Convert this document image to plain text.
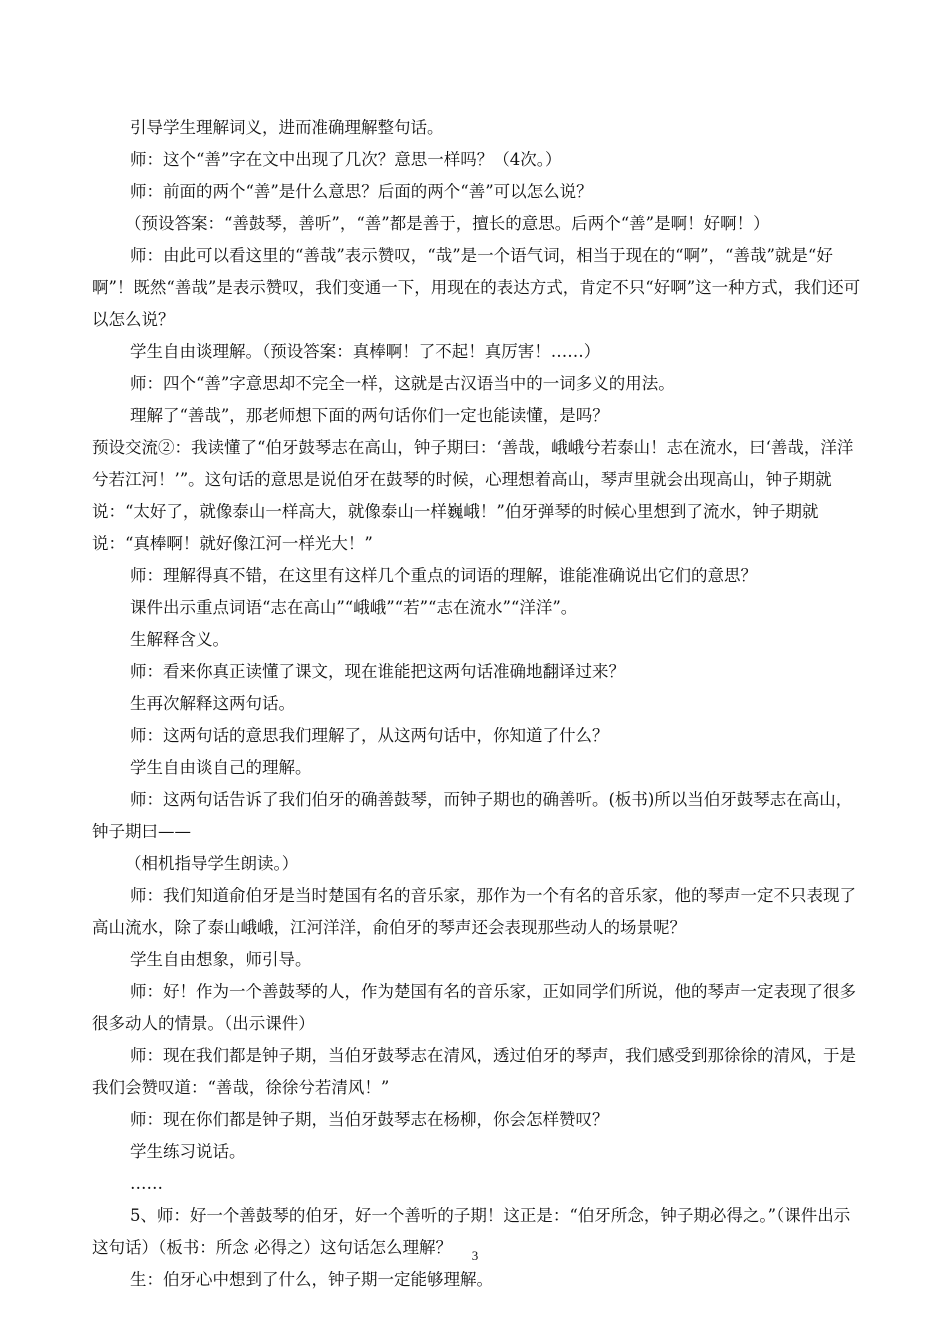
引导学生理解词义，进而准确理解整句话。

师：这个“善”字在文中出现了几次？意思一样吗？（4次。）

师：前面的两个“善”是什么意思？后面的两个“善”可以怎么说？

（预设答案：“善鼓琴，善听”，“善”都是善于，擅长的意思。后两个“善”是啊！好啊！）

师：由此可以看这里的“善哉”表示赞叹，“哉”是一个语气词，相当于现在的“啊”，“善哉”就是“好啊”！既然“善哉”是表示赞叹，我们变通一下，用现在的表达方式，肯定不只“好啊”这一种方式，我们还可以怎么说？

学生自由谈理解。（预设答案：真棒啊！了不起！真厉害！……）

师：四个“善”字意思却不完全一样，这就是古汉语当中的一词多义的用法。

理解了“善哉”，那老师想下面的两句话你们一定也能读懂，是吗？

预设交流②：我读懂了“伯牙鼓琴志在高山，钟子期曰：‘善哉，峨峨兮若泰山！志在流水，曰‘善哉，洋洋兮若江河！’”。这句话的意思是说伯牙在鼓琴的时候，心理想着高山，琴声里就会出现高山，钟子期就说：“太好了，就像泰山一样高大，就像泰山一样巍峨！”伯牙弹琴的时候心里想到了流水，钟子期就说：“真棒啊！就好像江河一样光大！”

师：理解得真不错，在这里有这样几个重点的词语的理解，谁能准确说出它们的意思？

课件出示重点词语“志在高山”“峨峨”“若”“志在流水”“洋洋”。

生解释含义。

师：看来你真正读懂了课文，现在谁能把这两句话准确地翻译过来？

生再次解释这两句话。

师：这两句话的意思我们理解了，从这两句话中，你知道了什么？

学生自由谈自己的理解。

师：这两句话告诉了我们伯牙的确善鼓琴，而钟子期也的确善听。(板书)所以当伯牙鼓琴志在高山，钟子期曰——

（相机指导学生朗读。）

师：我们知道俞伯牙是当时楚国有名的音乐家，那作为一个有名的音乐家，他的琴声一定不只表现了高山流水，除了泰山峨峨，江河洋洋，俞伯牙的琴声还会表现那些动人的场景呢？

学生自由想象，师引导。

师：好！作为一个善鼓琴的人，作为楚国有名的音乐家，正如同学们所说，他的琴声一定表现了很多很多动人的情景。（出示课件）

师：现在我们都是钟子期，当伯牙鼓琴志在清风，透过伯牙的琴声，我们感受到那徐徐的清风，于是我们会赞叹道：“善哉，徐徐兮若清风！”

师：现在你们都是钟子期，当伯牙鼓琴志在杨柳，你会怎样赞叹？

学生练习说话。

……

5、师：好一个善鼓琴的伯牙，好一个善听的子期！这正是：“伯牙所念，钟子期必得之。”（课件出示这句话）（板书：所念 必得之）这句话怎么理解？

生：伯牙心中想到了什么，钟子期一定能够理解。

3
